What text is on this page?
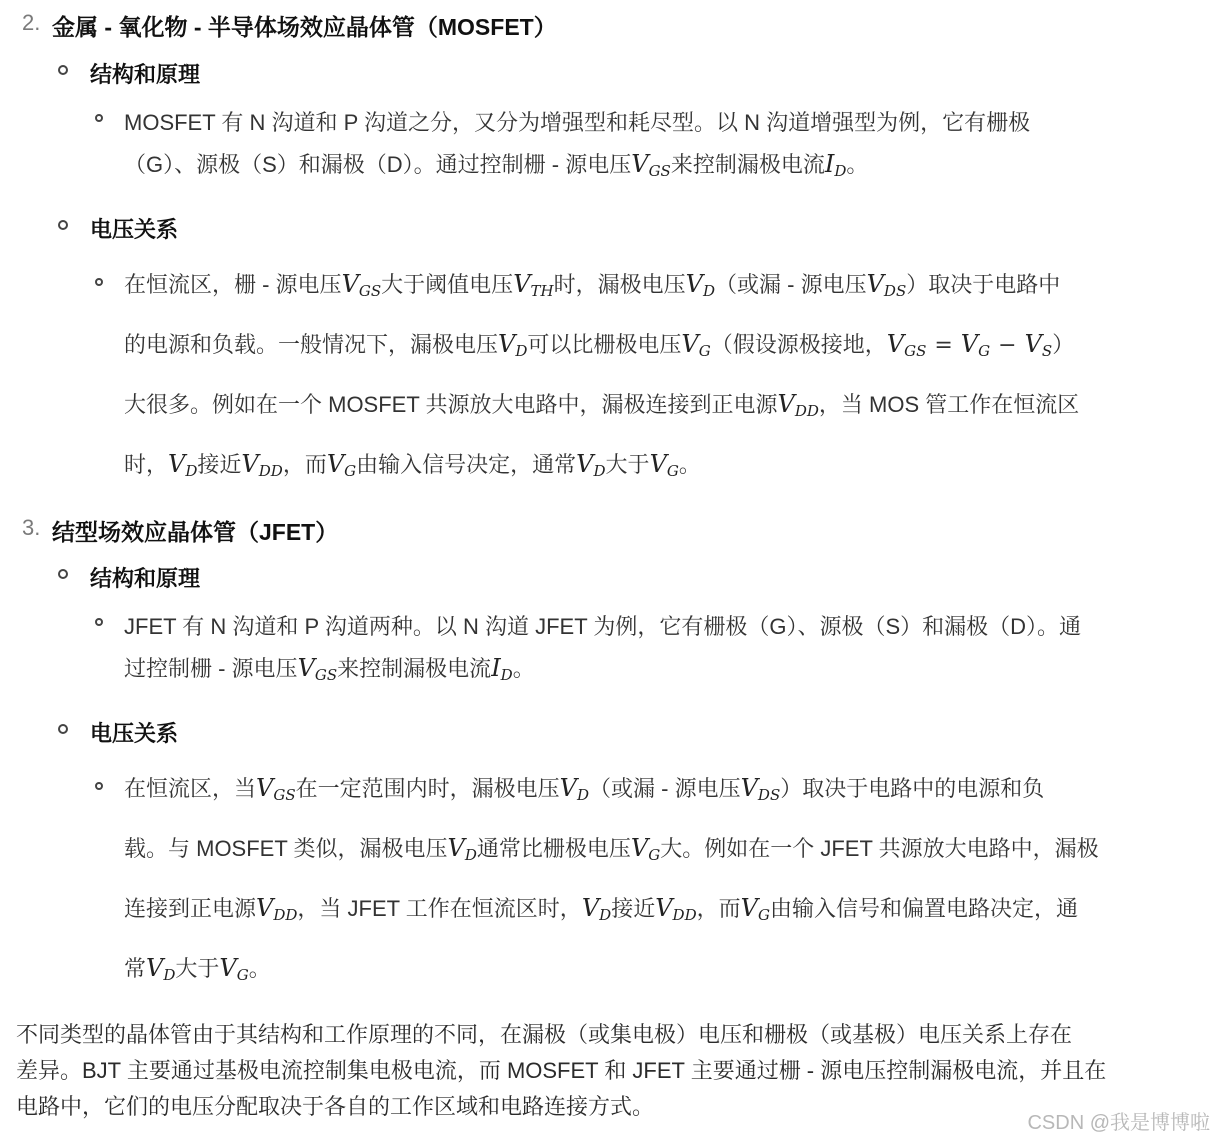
2. 金属 - 氧化物 - 半导体场效应晶体管（MOSFET）
结构和原理
MOSFET 有 N 沟道和 P 沟道之分，又分为增强型和耗尽型。以 N 沟道增强型为例，它有栅极
（G）、源极（S）和漏极（D）。通过控制栅 - 源电压$V_{GS}$来控制漏极电流$I_D$。
电压关系
在恒流区，栅 - 源电压$V_{GS}$大于阈值电压$V_{TH}$时，漏极电压$V_D$（或漏 - 源电压$V_{DS}$）取决于电路中
的电源和负载。一般情况下，漏极电压$V_D$可以比栅极电压$V_G$（假设源极接地，$V_{GS} = V_G - V_S$）
大很多。例如在一个 MOSFET 共源放大电路中，漏极连接到正电源$V_{DD}$，当 MOS 管工作在恒流区
时，$V_D$接近$V_{DD}$，而$V_G$由输入信号决定，通常$V_D$大于$V_G$。
3. 结型场效应晶体管（JFET）
结构和原理
JFET 有 N 沟道和 P 沟道两种。以 N 沟道 JFET 为例，它有栅极（G）、源极（S）和漏极（D）。通
过控制栅 - 源电压$V_{GS}$来控制漏极电流$I_D$。
电压关系
在恒流区，当$V_{GS}$在一定范围内时，漏极电压$V_D$（或漏 - 源电压$V_{DS}$）取决于电路中的电源和负
载。与 MOSFET 类似，漏极电压$V_D$通常比栅极电压$V_G$大。例如在一个 JFET 共源放大电路中，漏极
连接到正电源$V_{DD}$，当 JFET 工作在恒流区时，$V_D$接近$V_{DD}$，而$V_G$由输入信号和偏置电路决定，通
常$V_D$大于$V_G$。
不同类型的晶体管由于其结构和工作原理的不同，在漏极（或集电极）电压和栅极（或基极）电压关系上存在
差异。BJT 主要通过基极电流控制集电极电流，而 MOSFET 和 JFET 主要通过栅 - 源电压控制漏极电流，并且在
电路中，它们的电压分配取决于各自的工作区域和电路连接方式。
CSDN @我是博博啦
